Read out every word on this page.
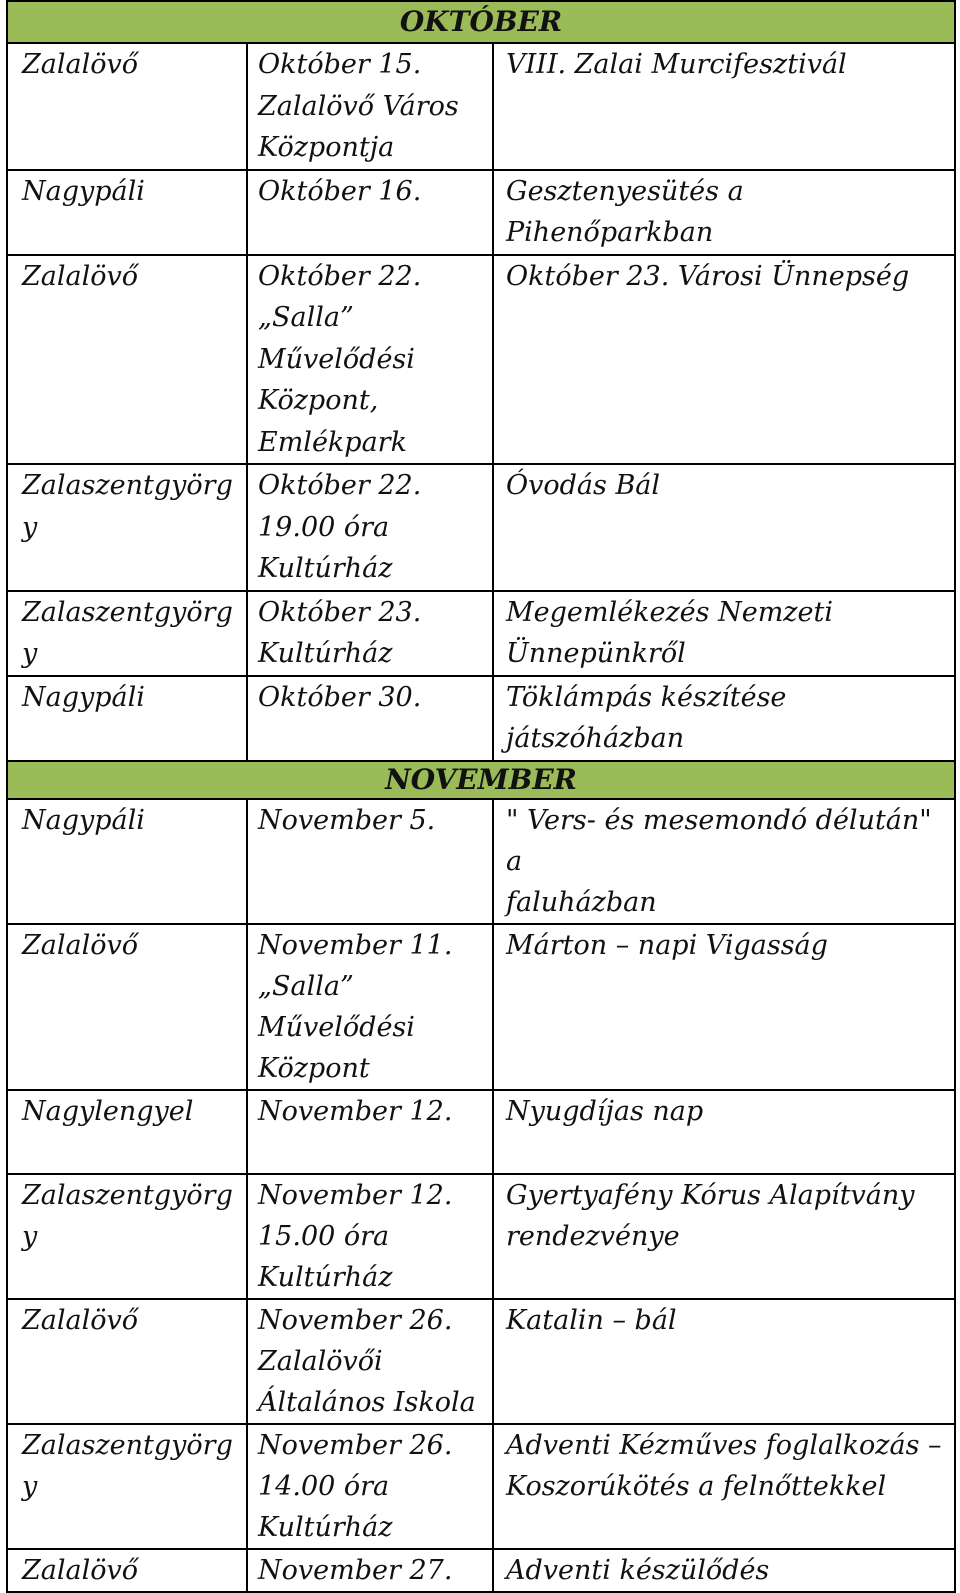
OKTÓBER		
Zalalövő	Október 15.
Zalalövő Város
Központja	VIII. Zalai Murcifesztivál

Nagypáli	Október 16.	Gesztenyesütés a Pihenőparkban

Zalalövő	Október 22.
„Salla”
Művelődési
Központ,
Emlékpark	Október 23. Városi Ünnepség

Zalaszentgyörgy	Október 22.
19.00 óra
Kultúrház	Óvodás Bál

Zalaszentgyörgy	Október 23.
Kultúrház	Megemlékezés Nemzeti
Ünnepünkről

Nagypáli	Október 30.	Töklámpás készítése
játszóházban

NOVEMBER		
Nagypáli	November 5.	" Vers- és mesemondó délután" a
faluházban

Zalalövő	November 11.
„Salla”
Művelődési
Központ	Márton – napi Vigasság

Nagylengyel	November 12.	Nyugdíjas nap

Zalaszentgyörgy	November 12.
15.00 óra
Kultúrház	Gyertyafény Kórus Alapítvány
rendezvénye

Zalalövő	November 26.
Zalalövői
Általános Iskola	Katalin – bál

Zalaszentgyörgy	November 26.
14.00 óra
Kultúrház	Adventi Kézműves foglalkozás –
Koszorúkötés a felnőttekkel

Zalalövő	November 27.	Adventi készülődés
